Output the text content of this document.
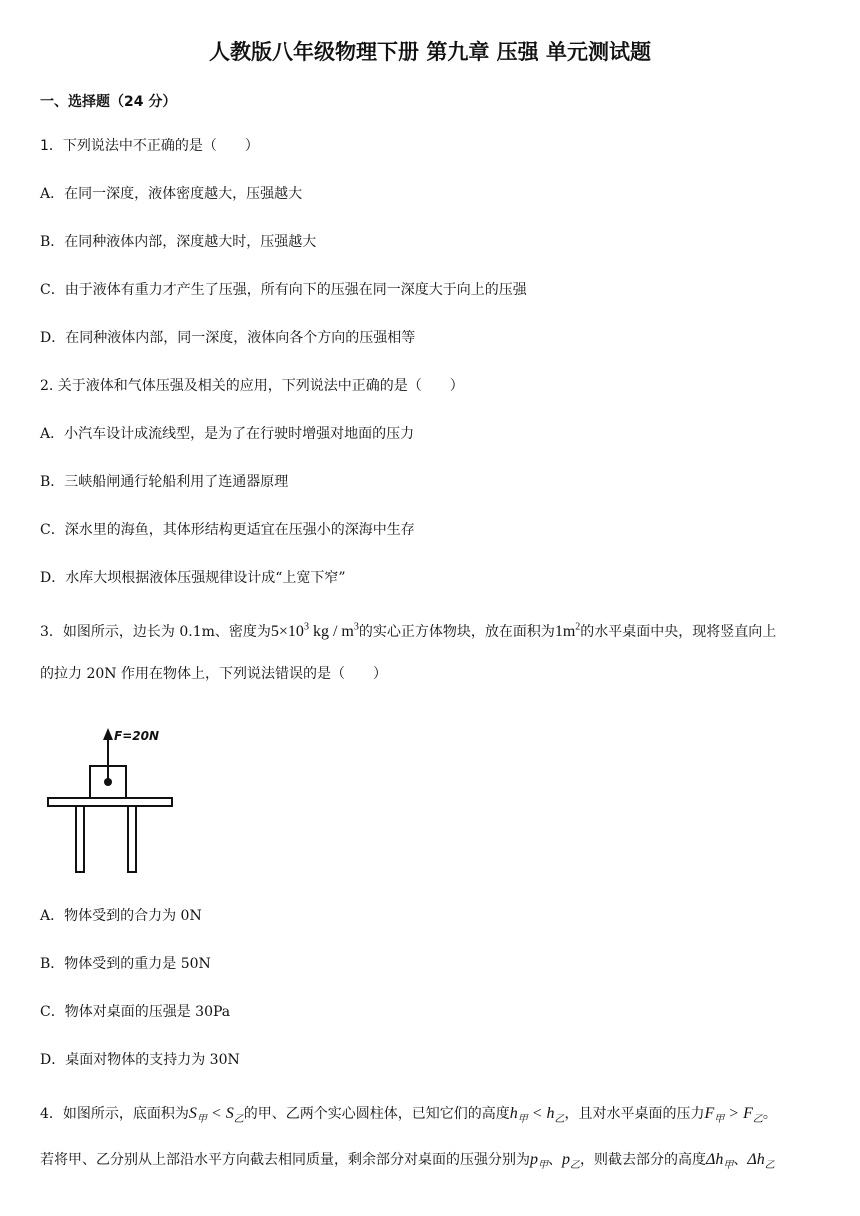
人教版八年级物理下册 第九章 压强 单元测试题
一、选择题（24 分）
1．下列说法中不正确的是（　　）
A．在同一深度，液体密度越大，压强越大
B．在同种液体内部，深度越大时，压强越大
C．由于液体有重力才产生了压强，所有向下的压强在同一深度大于向上的压强
D．在同种液体内部，同一深度，液体向各个方向的压强相等
2. 关于液体和气体压强及相关的应用，下列说法中正确的是（　　）
A．小汽车设计成流线型，是为了在行驶时增强对地面的压力
B．三峡船闸通行轮船利用了连通器原理
C．深水里的海鱼，其体形结构更适宜在压强小的深海中生存
D．水库大坝根据液体压强规律设计成“上宽下窄”
3．如图所示，边长为 0.1m、密度为$5\times 10^3$ kg / $m^3$的实心正方体物块，放在面积为$1m^2$的水平桌面中央，现将竖直向上
的拉力 20N 作用在物体上，下列说法错误的是（　　）
F=20N
A．物体受到的合力为 0N
B．物体受到的重力是 50N
C．物体对桌面的压强是 30Pa
D．桌面对物体的支持力为 30N
4．如图所示，底面积为$S_甲 < S_乙$的甲、乙两个实心圆柱体，已知它们的高度$h_甲 < h_乙$，且对水平桌面的压力$F_甲 > F_乙$。
若将甲、乙分别从上部沿水平方向截去相同质量，剩余部分对桌面的压强分别为$p_甲$、$p_乙$，则截去部分的高度$\Delta h_甲$、$\Delta h_乙$
